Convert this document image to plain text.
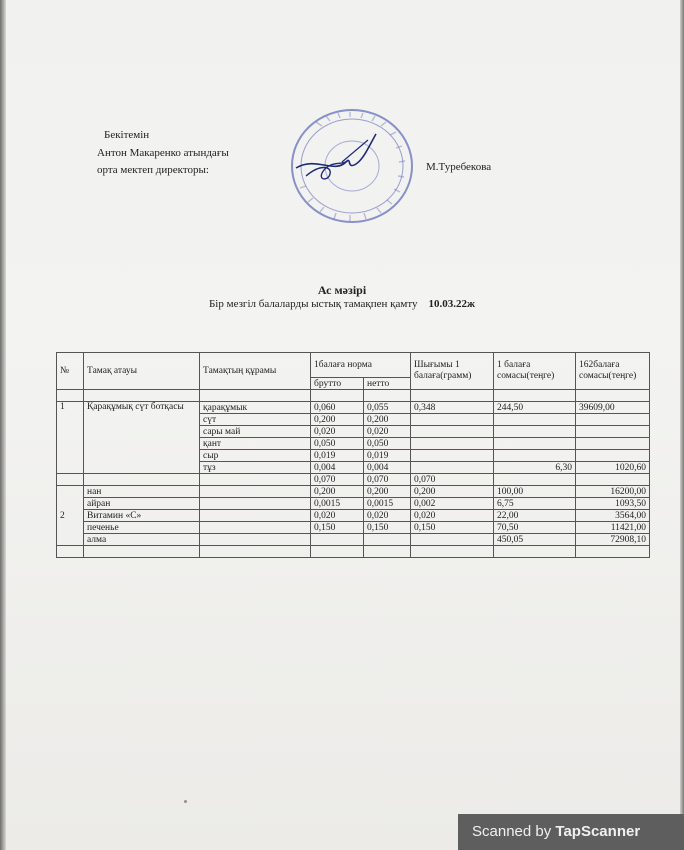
Бекітемін
Антон Макаренко атындағы
орта мектеп директоры:	М.Туребекова
Ас мәзірі
Бір мезгіл балаларды ыстық тамақпен қамту 10.03.22ж
№	Тамақ атауы	Тамақтың құрамы	1балаға норма		Шығымы 1 балаға(грамм)	1 балаға сомасы(теңге)	162балаға сомасы(теңге)
			брутто	нетто			

1	Қарақұмық сүт ботқасы	қарақұмык	0,060	0,055	0,348	244,50	39609,00
		сүт	0,200	0,200			
		сары май	0,020	0,020			
		қант	0,050	0,050			
		сыр	0,019	0,019			
		тұз	0,004	0,004		6,30	1020,60
			0,070	0,070	0,070		
2	нан		0,200	0,200	0,200	100,00	16200,00
	айран		0,0015	0,0015	0,002	6,75	1093,50
	Витамин «С»		0,020	0,020	0,020	22,00	3564,00
	печенье		0,150	0,150	0,150	70,50	11421,00
	алма					450,05	72908,10

Scanned by TapScanner
